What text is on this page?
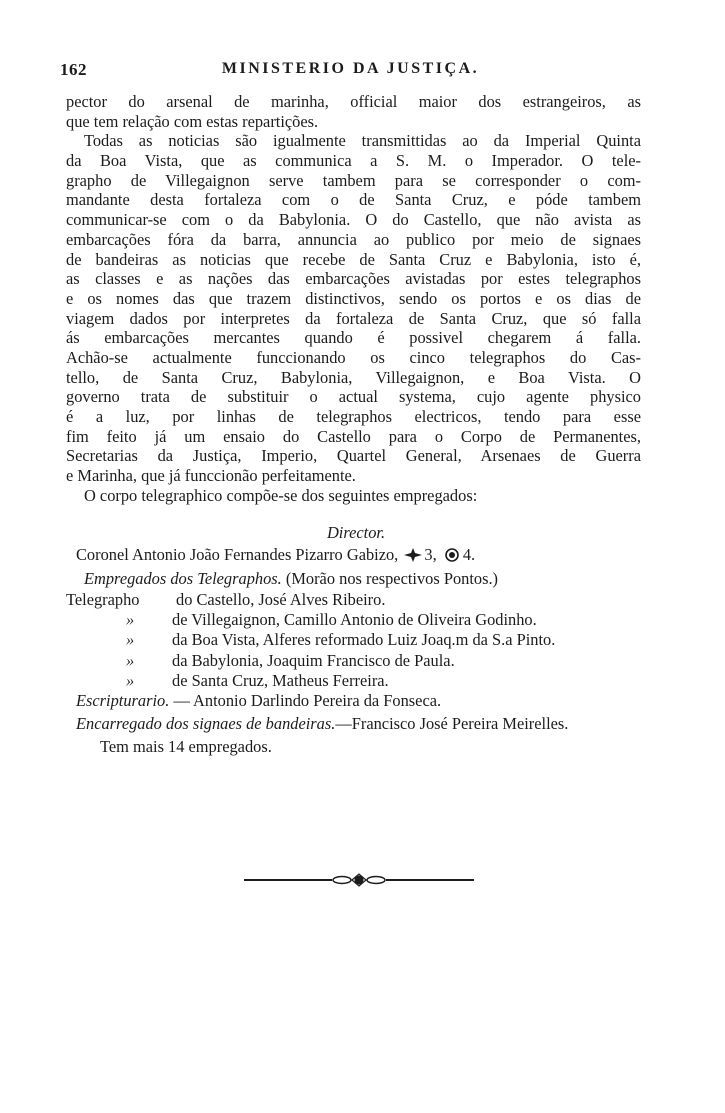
162	MINISTERIO DA JUSTIÇA.
pector do arsenal de marinha, official maior dos estrangeiros, as
que tem relação com estas repartições.
Todas as noticias são igualmente transmittidas ao da Imperial Quinta
da Boa Vista, que as communica a S. M. o Imperador. O tele-
grapho de Villegaignon serve tambem para se corresponder o com-
mandante desta fortaleza com o de Santa Cruz, e póde tambem
communicar-se com o da Babylonia. O do Castello, que não avista as
embarcações fóra da barra, annuncia ao publico por meio de signaes
de bandeiras as noticias que recebe de Santa Cruz e Babylonia, isto é,
as classes e as nações das embarcações avistadas por estes telegraphos
e os nomes das que trazem distinctivos, sendo os portos e os dias de
viagem dados por interpretes da fortaleza de Santa Cruz, que só falla
ás embarcações mercantes quando é possivel chegarem á falla.
Achão-se actualmente funccionando os cinco telegraphos do Cas-
tello, de Santa Cruz, Babylonia, Villegaignon, e Boa Vista. O
governo trata de substituir o actual systema, cujo agente physico
é a luz, por linhas de telegraphos electricos, tendo para esse
fim feito já um ensaio do Castello para o Corpo de Permanentes,
Secretarias da Justiça, Imperio, Quartel General, Arsenaes de Guerra
e Marinha, que já funccionão perfeitamente.
O corpo telegraphico compõe-se dos seguintes empregados:
Director.
Coronel Antonio João Fernandes Pizarro Gabizo, 3, 4.
Empregados dos Telegraphos. (Morão nos respectivos Pontos.)
Telegrapho do Castello, José Alves Ribeiro.
» de Villegaignon, Camillo Antonio de Oliveira Godinho.
» da Boa Vista, Alferes reformado Luiz Joaq.m da S.a Pinto.
» da Babylonia, Joaquim Francisco de Paula.
» de Santa Cruz, Matheus Ferreira.
Escripturario. — Antonio Darlindo Pereira da Fonseca.
Encarregado dos signaes de bandeiras.—Francisco José Pereira Meirelles.
Tem mais 14 empregados.
